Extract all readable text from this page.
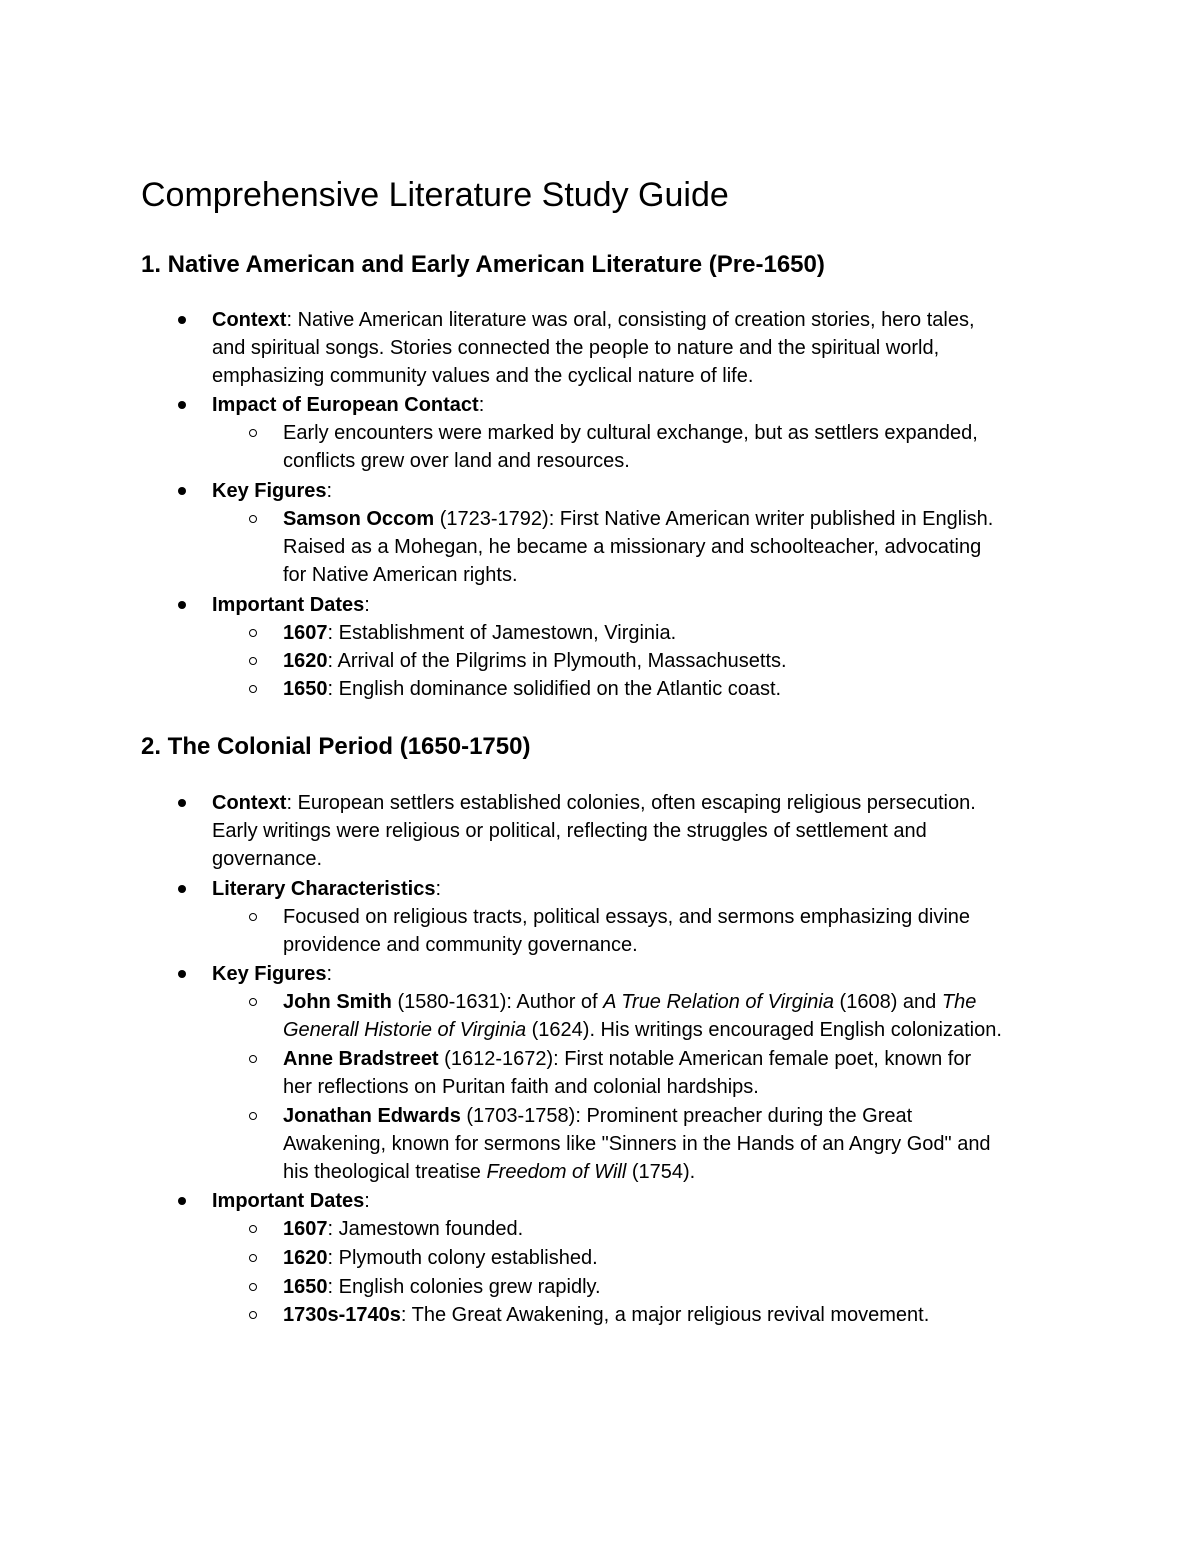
Comprehensive Literature Study Guide
1. Native American and Early American Literature (Pre-1650)
Context: Native American literature was oral, consisting of creation stories, hero tales,
and spiritual songs. Stories connected the people to nature and the spiritual world,
emphasizing community values and the cyclical nature of life.
Impact of European Contact:
Early encounters were marked by cultural exchange, but as settlers expanded,
conflicts grew over land and resources.
Key Figures:
Samson Occom (1723-1792): First Native American writer published in English.
Raised as a Mohegan, he became a missionary and schoolteacher, advocating
for Native American rights.
Important Dates:
1607: Establishment of Jamestown, Virginia.
1620: Arrival of the Pilgrims in Plymouth, Massachusetts.
1650: English dominance solidified on the Atlantic coast.
2. The Colonial Period (1650-1750)
Context: European settlers established colonies, often escaping religious persecution.
Early writings were religious or political, reflecting the struggles of settlement and
governance.
Literary Characteristics:
Focused on religious tracts, political essays, and sermons emphasizing divine
providence and community governance.
Key Figures:
John Smith (1580-1631): Author of A True Relation of Virginia (1608) and The
Generall Historie of Virginia (1624). His writings encouraged English colonization.
Anne Bradstreet (1612-1672): First notable American female poet, known for
her reflections on Puritan faith and colonial hardships.
Jonathan Edwards (1703-1758): Prominent preacher during the Great
Awakening, known for sermons like "Sinners in the Hands of an Angry God" and
his theological treatise Freedom of Will (1754).
Important Dates:
1607: Jamestown founded.
1620: Plymouth colony established.
1650: English colonies grew rapidly.
1730s-1740s: The Great Awakening, a major religious revival movement.
